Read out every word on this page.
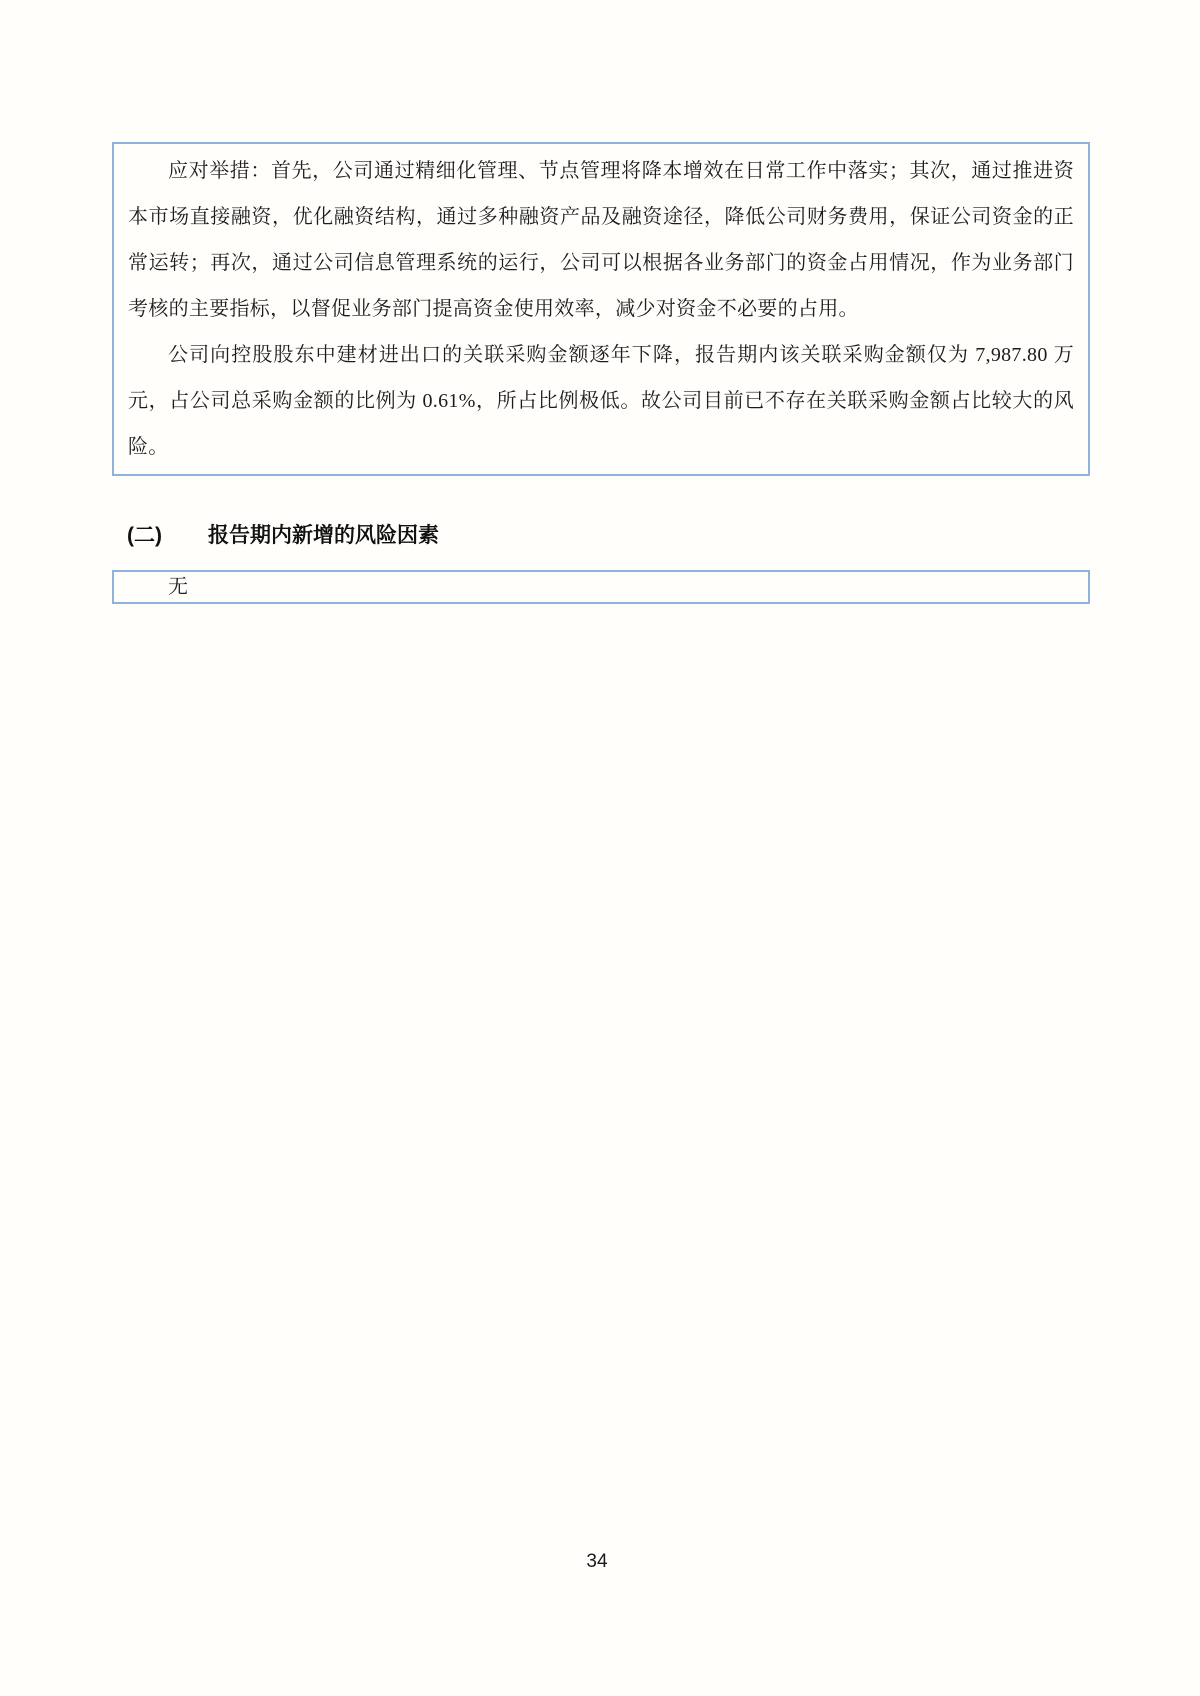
应对举措：首先，公司通过精细化管理、节点管理将降本增效在日常工作中落实；其次，通过推进资本市场直接融资，优化融资结构，通过多种融资产品及融资途径，降低公司财务费用，保证公司资金的正常运转；再次，通过公司信息管理系统的运行，公司可以根据各业务部门的资金占用情况，作为业务部门考核的主要指标，以督促业务部门提高资金使用效率，减少对资金不必要的占用。

公司向控股股东中建材进出口的关联采购金额逐年下降，报告期内该关联采购金额仅为 7,987.80 万元，占公司总采购金额的比例为 0.61%，所占比例极低。故公司目前已不存在关联采购金额占比较大的风险。

(二)	报告期内新增的风险因素

无

34
